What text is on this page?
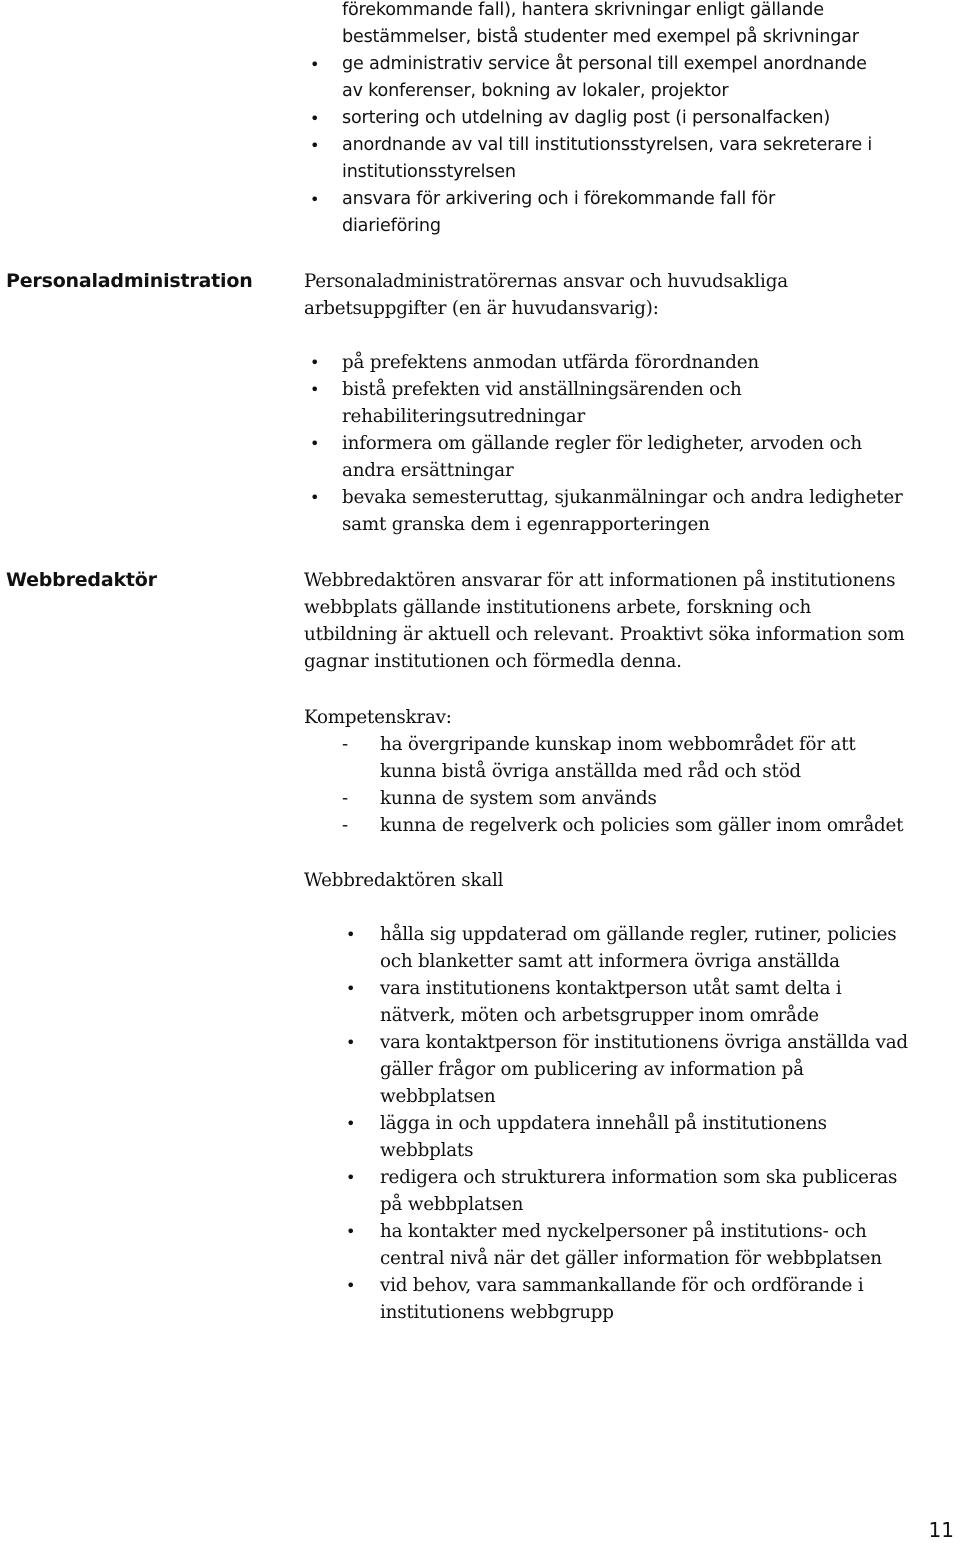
förekommande fall), hantera skrivningar enligt gällande
bestämmelser, bistå studenter med exempel på skrivningar
•	ge administrativ service åt personal till exempel anordnande
av konferenser, bokning av lokaler, projektor
•	sortering och utdelning av daglig post (i personalfacken)
•	anordnande av val till institutionsstyrelsen, vara sekreterare i
institutionsstyrelsen
•	ansvara för arkivering och i förekommande fall för
diarieföring
Personaladministration	Personaladministratörernas ansvar och huvudsakliga
arbetsuppgifter (en är huvudansvarig):

•	på prefektens anmodan utfärda förordnanden
•	bistå prefekten vid anställningsärenden och
rehabiliteringsutredningar
•	informera om gällande regler för ledigheter, arvoden och
andra ersättningar
•	bevaka semesteruttag, sjukanmälningar och andra ledigheter
samt granska dem i egenrapporteringen
Webbredaktör	Webbredaktören ansvarar för att informationen på institutionens
webbplats gällande institutionens arbete, forskning och
utbildning är aktuell och relevant. Proaktivt söka information som
gagnar institutionen och förmedla denna.

Kompetenskrav:

- ha övergripande kunskap inom webbområdet för att
kunna bistå övriga anställda med råd och stöd
- kunna de system som används
- kunna de regelverk och policies som gäller inom området

Webbredaktören skall

•	hålla sig uppdaterad om gällande regler, rutiner, policies
och blanketter samt att informera övriga anställda
•	vara institutionens kontaktperson utåt samt delta i
nätverk, möten och arbetsgrupper inom område
•	vara kontaktperson för institutionens övriga anställda vad
gäller frågor om publicering av information på
webbplatsen
•	lägga in och uppdatera innehåll på institutionens
webbplats
•	redigera och strukturera information som ska publiceras
på webbplatsen
•	ha kontakter med nyckelpersoner på institutions- och
central nivå när det gäller information för webbplatsen
•	vid behov, vara sammankallande för och ordförande i
institutionens webbgrupp
11
